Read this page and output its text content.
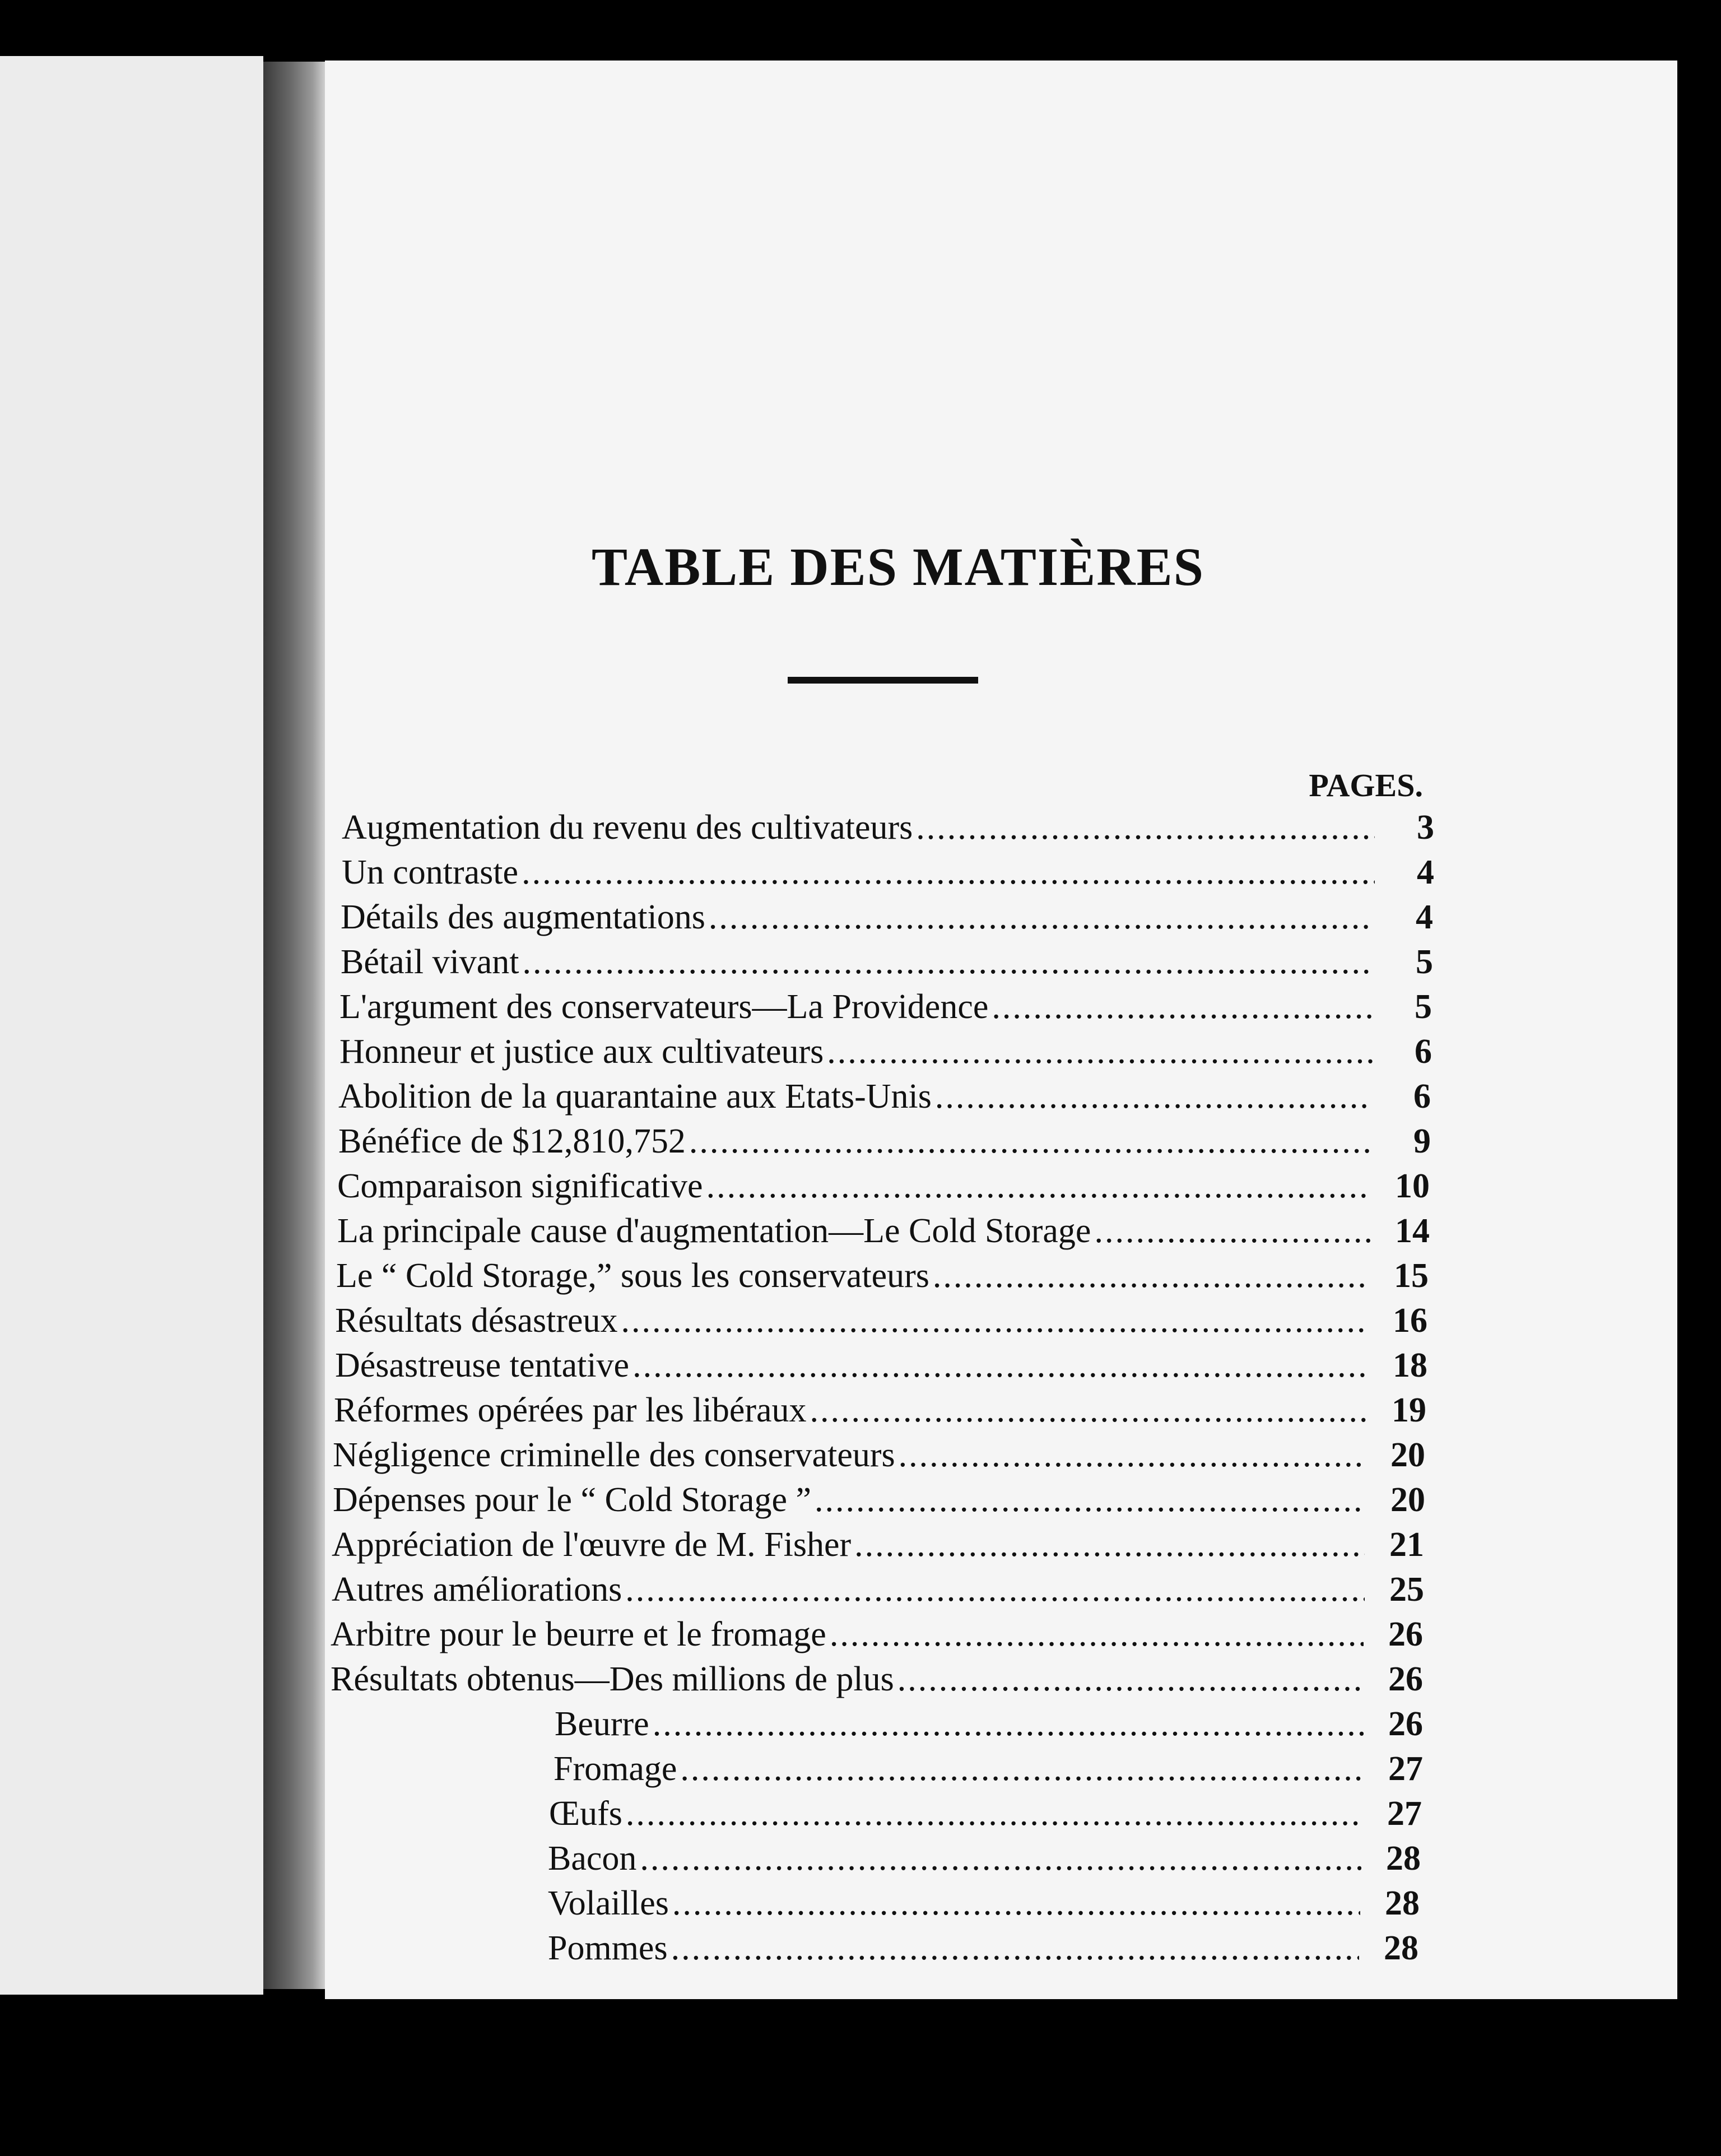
TABLE DES MATIÈRES
PAGES.
Augmentation du revenu des cultivateurs .....	3
Un contraste .....	4
Détails des augmentations .....	4
Bétail vivant .....	5
L'argument des conservateurs—La Providence .....	5
Honneur et justice aux cultivateurs .....	6
Abolition de la quarantaine aux Etats-Unis .....	6
Bénéfice de $12,810,752 .....	9
Comparaison significative .....	10
La principale cause d'augmentation—Le Cold Storage .....	14
Le “ Cold Storage,” sous les conservateurs .....	15
Résultats désastreux .....	16
Désastreuse tentative .....	18
Réformes opérées par les libéraux .....	19
Négligence criminelle des conservateurs .....	20
Dépenses pour le “ Cold Storage ” .....	20
Appréciation de l'œuvre de M. Fisher .....	21
Autres améliorations .....	25
Arbitre pour le beurre et le fromage .....	26
Résultats obtenus—Des millions de plus .....	26
Beurre .....	26
Fromage .....	27
Œufs .....	27
Bacon .....	28
Volailles .....	28
Pommes .....	28
